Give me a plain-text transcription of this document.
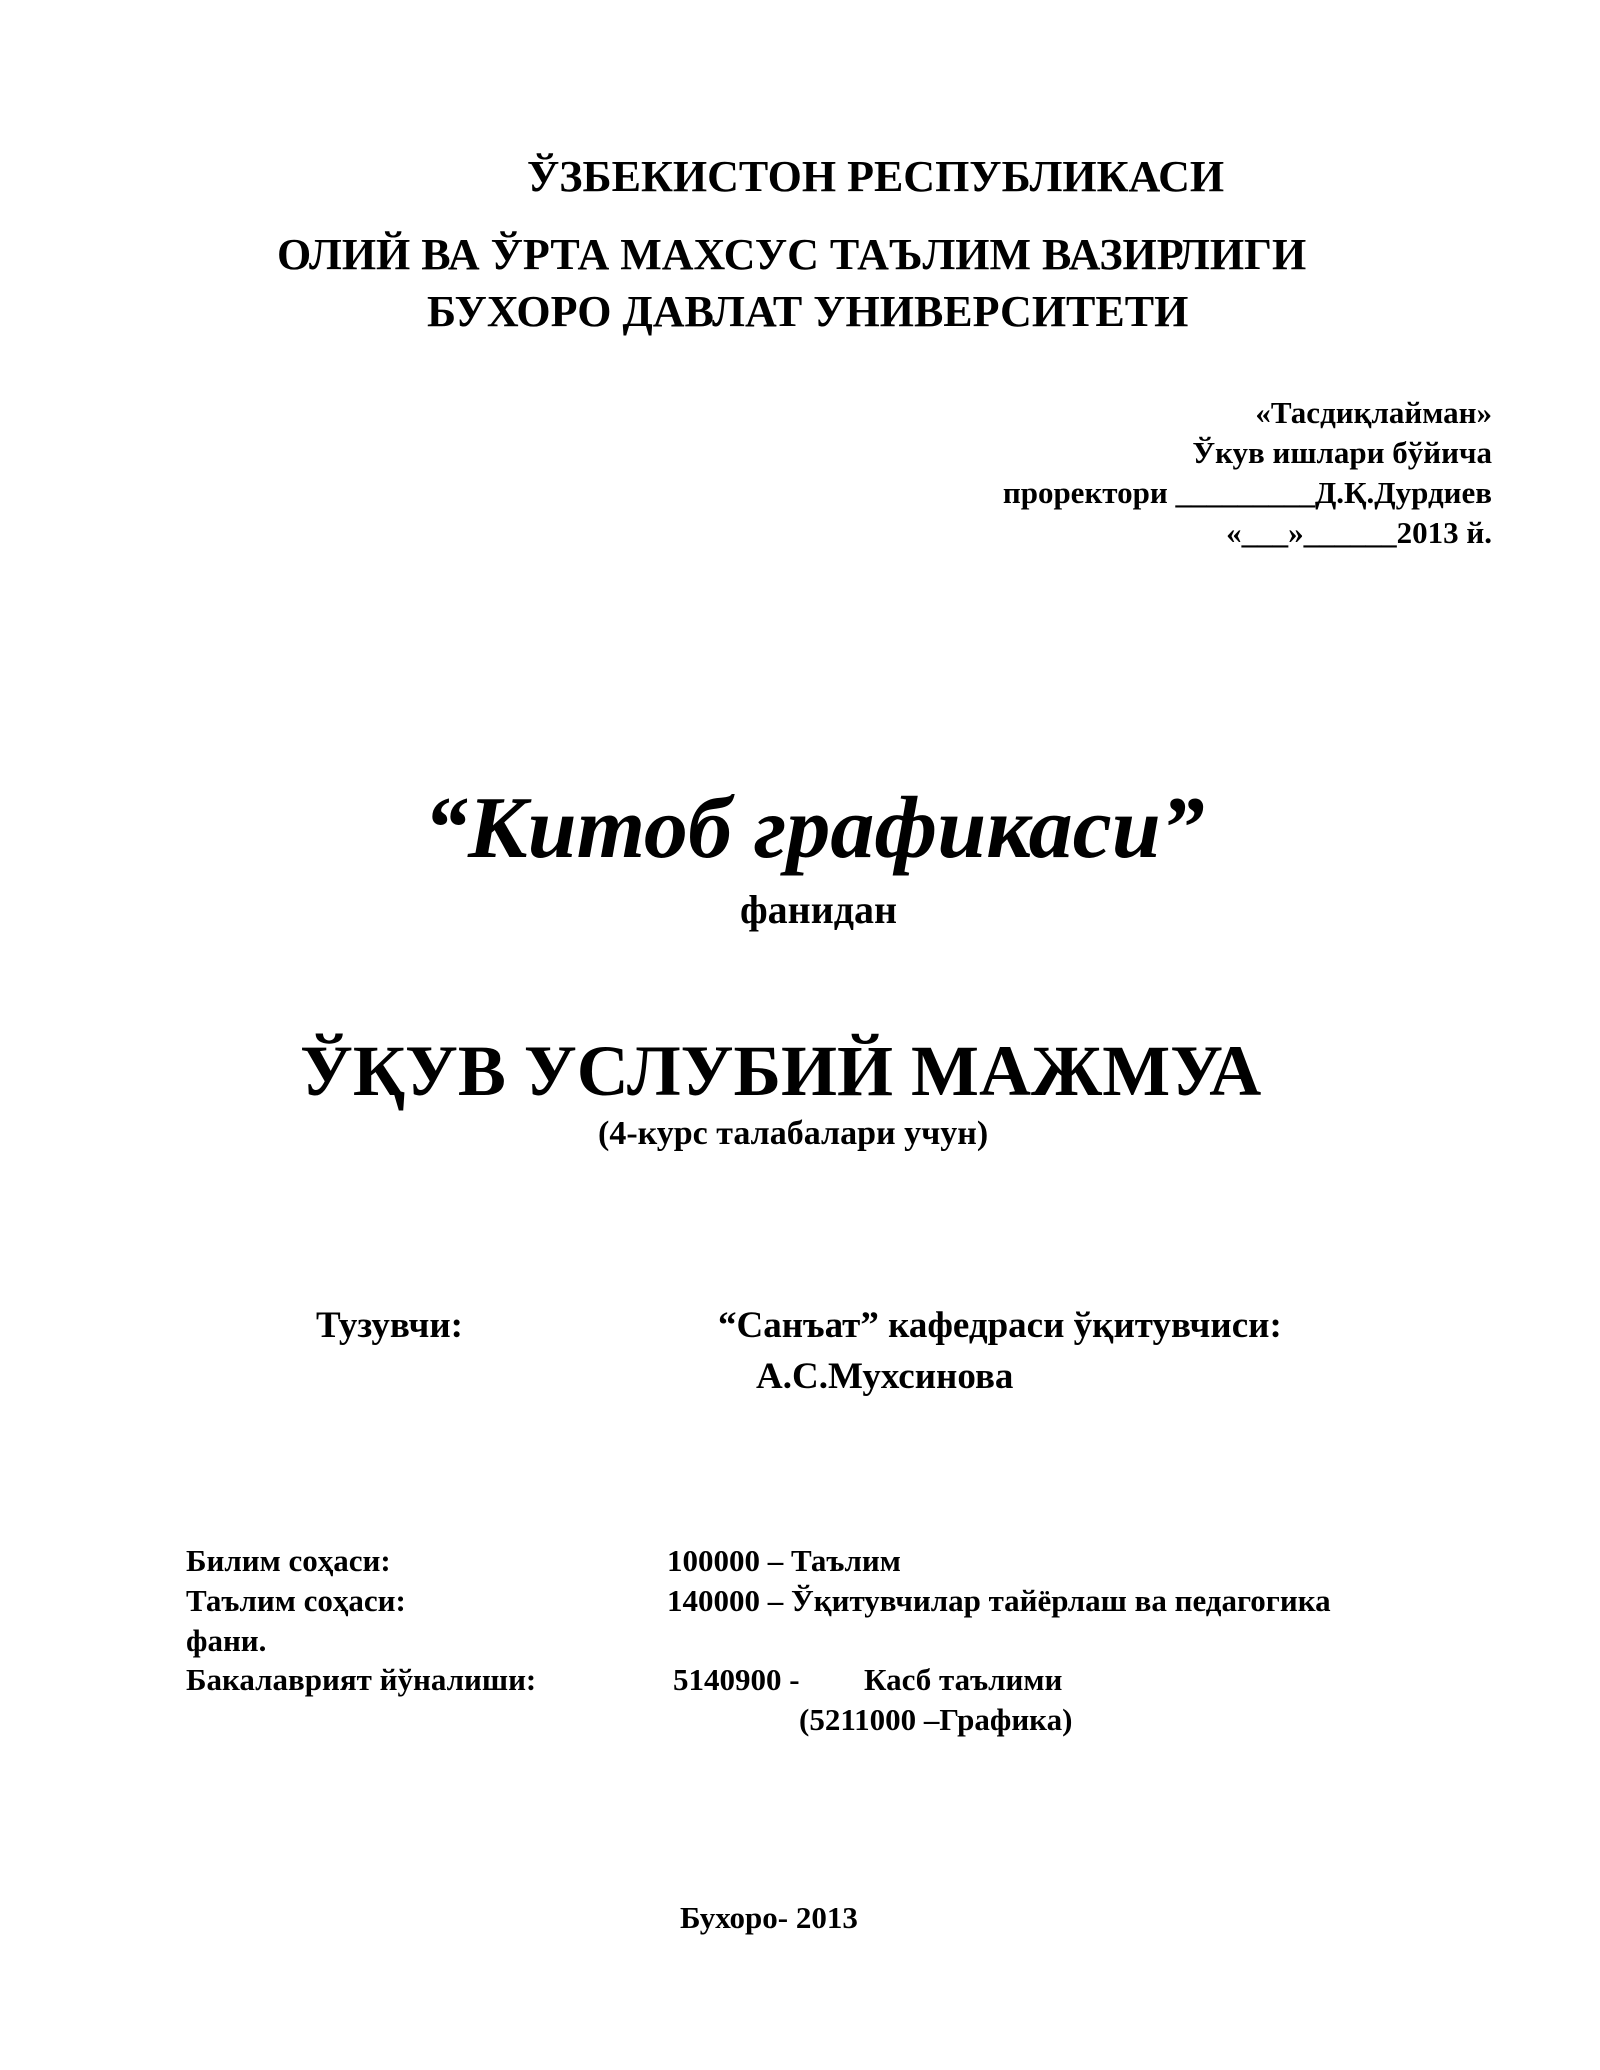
ЎЗБЕКИСТОН РЕСПУБЛИКАСИ
ОЛИЙ ВА ЎРТА МАХСУС ТАЪЛИМ ВАЗИРЛИГИ
БУХОРО ДАВЛАТ УНИВЕРСИТЕТИ
«Тасдиқлайман»
Ўкув ишлари бўйича
проректори _________Д.Қ.Дурдиев
«___»______2013 й.
“Китоб графикаси”
фанидан
ЎҚУВ УСЛУБИЙ МАЖМУА
(4-курс талабалари учун)
Тузувчи:	“Санъат” кафедраси ўқитувчиси:
А.С.Мухсинова
Билим соҳаси:	100000 – Таълим
Таълим соҳаси:	140000 – Ўқитувчилар тайёрлаш ва педагогика
фани.
Бакалаврият йўналиши:	5140900 - Касб таълими
(5211000 –Графика)
Бухоро- 2013
